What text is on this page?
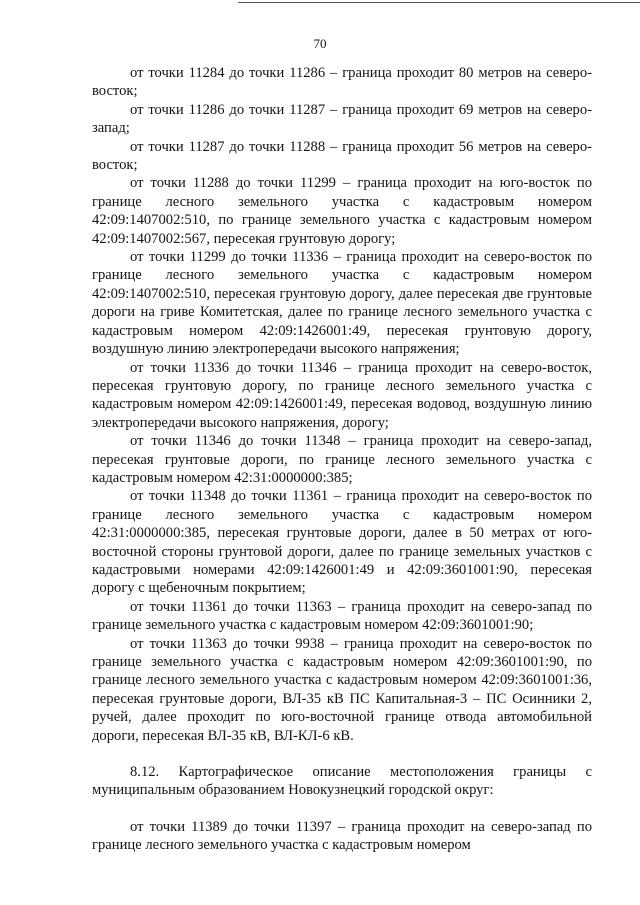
70

от точки 11284 до точки 11286 – граница проходит 80 метров на северо-восток;

от точки 11286 до точки 11287 – граница проходит 69 метров на северо-запад;

от точки 11287 до точки 11288 – граница проходит 56 метров на северо-восток;

от точки 11288 до точки 11299 – граница проходит на юго-восток по границе лесного земельного участка с кадастровым номером 42:09:1407002:510, по границе земельного участка с кадастровым номером 42:09:1407002:567, пересекая грунтовую дорогу;

от точки 11299 до точки 11336 – граница проходит на северо-восток по границе лесного земельного участка с кадастровым номером 42:09:1407002:510, пересекая грунтовую дорогу, далее пересекая две грунтовые дороги на гриве Комитетская, далее по границе лесного земельного участка с кадастровым номером 42:09:1426001:49, пересекая грунтовую дорогу, воздушную линию электропередачи высокого напряжения;

от точки 11336 до точки 11346 – граница проходит на северо-восток, пересекая грунтовую дорогу, по границе лесного земельного участка с кадастровым номером 42:09:1426001:49, пересекая водовод, воздушную линию электропередачи высокого напряжения, дорогу;

от точки 11346 до точки 11348 – граница проходит на северо-запад, пересекая грунтовые дороги, по границе лесного земельного участка с кадастровым номером 42:31:0000000:385;

от точки 11348 до точки 11361 – граница проходит на северо-восток по границе лесного земельного участка с кадастровым номером 42:31:0000000:385, пересекая грунтовые дороги, далее в 50 метрах от юго-восточной стороны грунтовой дороги, далее по границе земельных участков с кадастровыми номерами 42:09:1426001:49 и 42:09:3601001:90, пересекая дорогу с щебеночным покрытием;

от точки 11361 до точки 11363 – граница проходит на северо-запад по границе земельного участка с кадастровым номером 42:09:3601001:90;

от точки 11363 до точки 9938 – граница проходит на северо-восток по границе земельного участка с кадастровым номером 42:09:3601001:90, по границе лесного земельного участка с кадастровым номером 42:09:3601001:36, пересекая грунтовые дороги, ВЛ-35 кВ ПС Капитальная-3 – ПС Осинники 2, ручей, далее проходит по юго-восточной границе отвода автомобильной дороги, пересекая ВЛ-35 кВ, ВЛ-КЛ-6 кВ.

8.12. Картографическое описание местоположения границы с муниципальным образованием Новокузнецкий городской округ:

от точки 11389 до точки 11397 – граница проходит на северо-запад по границе лесного земельного участка с кадастровым номером
